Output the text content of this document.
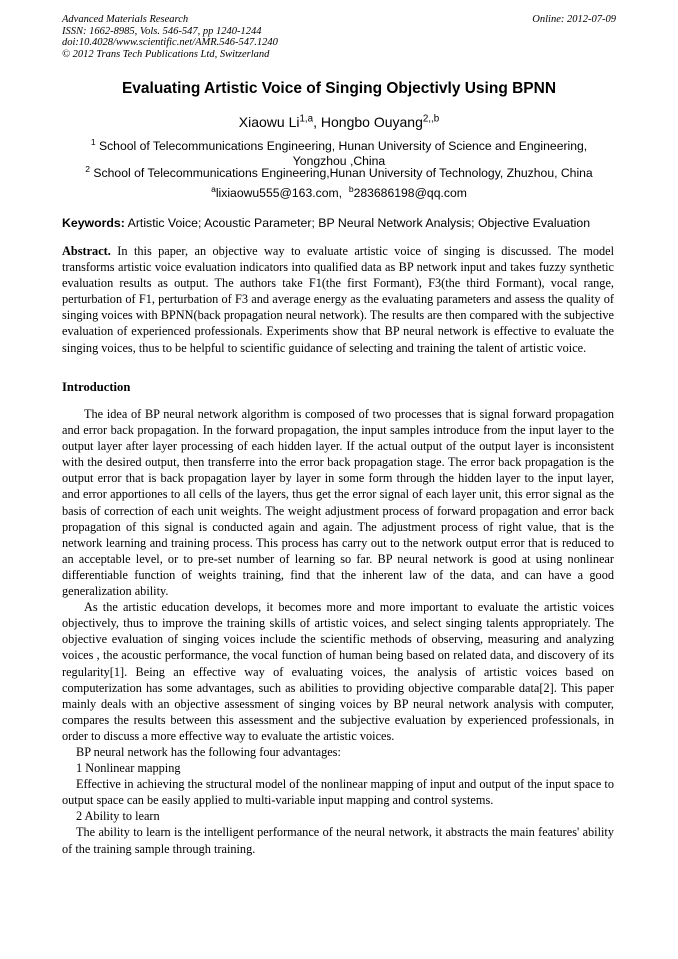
Advanced Materials Research
ISSN: 1662-8985, Vols. 546-547, pp 1240-1244
doi:10.4028/www.scientific.net/AMR.546-547.1240
© 2012 Trans Tech Publications Ltd, Switzerland
Online: 2012-07-09
Evaluating Artistic Voice of Singing Objectivly Using BPNN
Xiaowu Li$^{1,a}$, Hongbo Ouyang$^{2,,b}$
$^1$ School of Telecommunications Engineering, Hunan University of Science and Engineering,
Yongzhou ,China
$^2$ School of Telecommunications Engineering,Hunan University of Technology, Zhuzhou, China
$^a$lixiaowu555@163.com, $^b$283686198@qq.com
Keywords: Artistic Voice; Acoustic Parameter; BP Neural Network Analysis; Objective Evaluation

Abstract. In this paper, an objective way to evaluate artistic voice of singing is discussed. The model transforms artistic voice evaluation indicators into qualified data as BP network input and takes fuzzy synthetic evaluation results as output. The authors take F1(the first Formant), F3(the third Formant), vocal range, perturbation of F1, perturbation of F3 and average energy as the evaluating parameters and assess the quality of singing voices with BPNN(back propagation neural network). The results are then compared with the subjective evaluation of experienced professionals. Experiments show that BP neural network is effective to evaluate the singing voices, thus to be helpful to scientific guidance of selecting and training the talent of artistic voice.

Introduction

The idea of BP neural network algorithm is composed of two processes that is signal forward propagation and error back propagation. In the forward propagation, the input samples introduce from the input layer to the output layer after layer processing of each hidden layer. If the actual output of the output layer is inconsistent with the desired output, then transferre into the error back propagation stage. The error back propagation is the output error that is back propagation layer by layer in some form through the hidden layer to the input layer, and error apportiones to all cells of the layers, thus get the error signal of each layer unit, this error signal as the basis of correction of each unit weights. The weight adjustment process of forward propagation and error back propagation of this signal is conducted again and again. The adjustment process of right value, that is the network learning and training process. This process has carry out to the network output error that is reduced to an acceptable level, or to pre-set number of learning so far. BP neural network is good at using nonlinear differentiable function of weights training, find that the inherent law of the data, and can have a good generalization ability.

As the artistic education develops, it becomes more and more important to evaluate the artistic voices objectively, thus to improve the training skills of artistic voices, and select singing talents appropriately. The objective evaluation of singing voices include the scientific methods of observing, measuring and analyzing voices , the acoustic performance, the vocal function of human being based on related data, and discovery of its regularity[1]. Being an effective way of evaluating voices, the analysis of artistic voices based on computerization has some advantages, such as abilities to providing objective comparable data[2]. This paper mainly deals with an objective assessment of singing voices by BP neural network analysis with computer, compares the results between this assessment and the subjective evaluation by experienced professionals, in order to discuss a more effective way to evaluate the artistic voices.

BP neural network has the following four advantages:

1 Nonlinear mapping

Effective in achieving the structural model of the nonlinear mapping of input and output of the input space to output space can be easily applied to multi-variable input mapping and control systems.

2 Ability to learn

The ability to learn is the intelligent performance of the neural network, it abstracts the main features' ability of the training sample through training.
